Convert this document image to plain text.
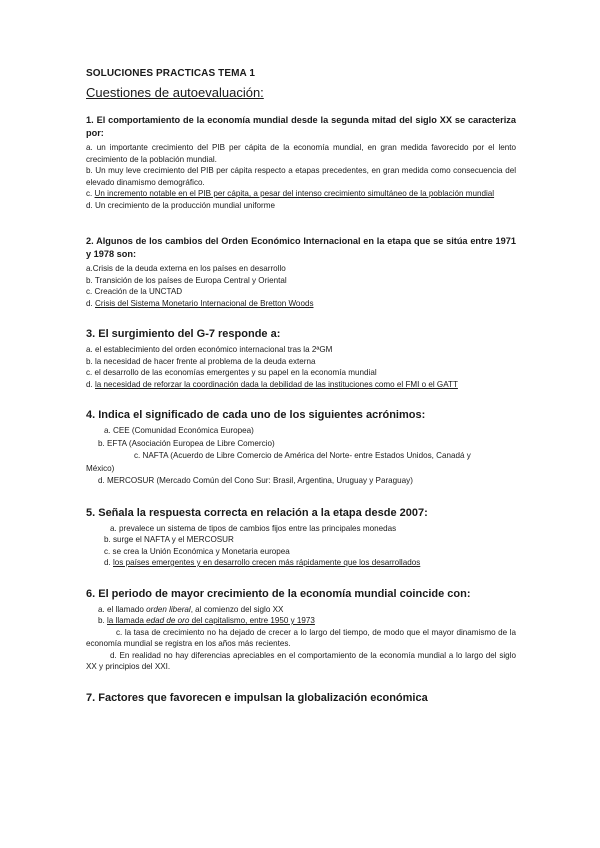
SOLUCIONES PRACTICAS TEMA 1
Cuestiones de autoevaluación:
1. El comportamiento de la economía mundial desde la segunda mitad del siglo XX se caracteriza por:
a. un importante crecimiento del PIB per cápita de la economía mundial, en gran medida favorecido por el lento crecimiento de la población mundial.
b. Un muy leve crecimiento del PIB per cápita respecto a etapas precedentes, en gran medida como consecuencia del elevado dinamismo demográfico.
c. Un incremento notable en el PIB per cápita, a pesar del intenso crecimiento simultáneo de la población mundial
d. Un crecimiento de la producción mundial uniforme
2. Algunos de los cambios del Orden Económico Internacional en la etapa que se sitúa entre 1971 y 1978 son:
a.Crisis de la deuda externa en los países en desarrollo
b. Transición de los países de Europa Central y Oriental
c. Creación de la UNCTAD
d. Crisis del Sistema Monetario Internacional de Bretton Woods
3. El surgimiento del G-7 responde a:
a. el establecimiento del orden económico internacional tras la 2ªGM
b. la necesidad de hacer frente al problema de la deuda externa
c. el desarrollo de las economías emergentes y su papel en la economía mundial
d. la necesidad de reforzar la coordinación dada la debilidad de las instituciones como el FMI o el GATT
4. Indica el significado de cada uno de los siguientes acrónimos:
a. CEE (Comunidad Económica Europea)
b. EFTA (Asociación Europea de Libre Comercio)
c. NAFTA (Acuerdo de Libre Comercio de América del Norte- entre Estados Unidos, Canadá y
México)
d. MERCOSUR (Mercado Común del Cono Sur: Brasil, Argentina, Uruguay y Paraguay)
5. Señala la respuesta correcta en relación a la etapa desde 2007:
a. prevalece un sistema de tipos de cambios fijos entre las principales monedas
b. surge el NAFTA y el MERCOSUR
c. se crea la Unión Económica y Monetaria europea
d. los países emergentes y en desarrollo crecen más rápidamente que los desarrollados
6. El periodo de mayor crecimiento de la economía mundial coincide con:
a. el llamado orden liberal, al comienzo del siglo XX
b. la llamada edad de oro del capitalismo, entre 1950 y 1973
c. la tasa de crecimiento no ha dejado de crecer a lo largo del tiempo, de modo que el mayor dinamismo de la economía mundial se registra en los años más recientes.
d. En realidad no hay diferencias apreciables en el comportamiento de la economía mundial a lo largo del siglo XX y principios del XXI.
7. Factores que favorecen e impulsan la globalización económica
